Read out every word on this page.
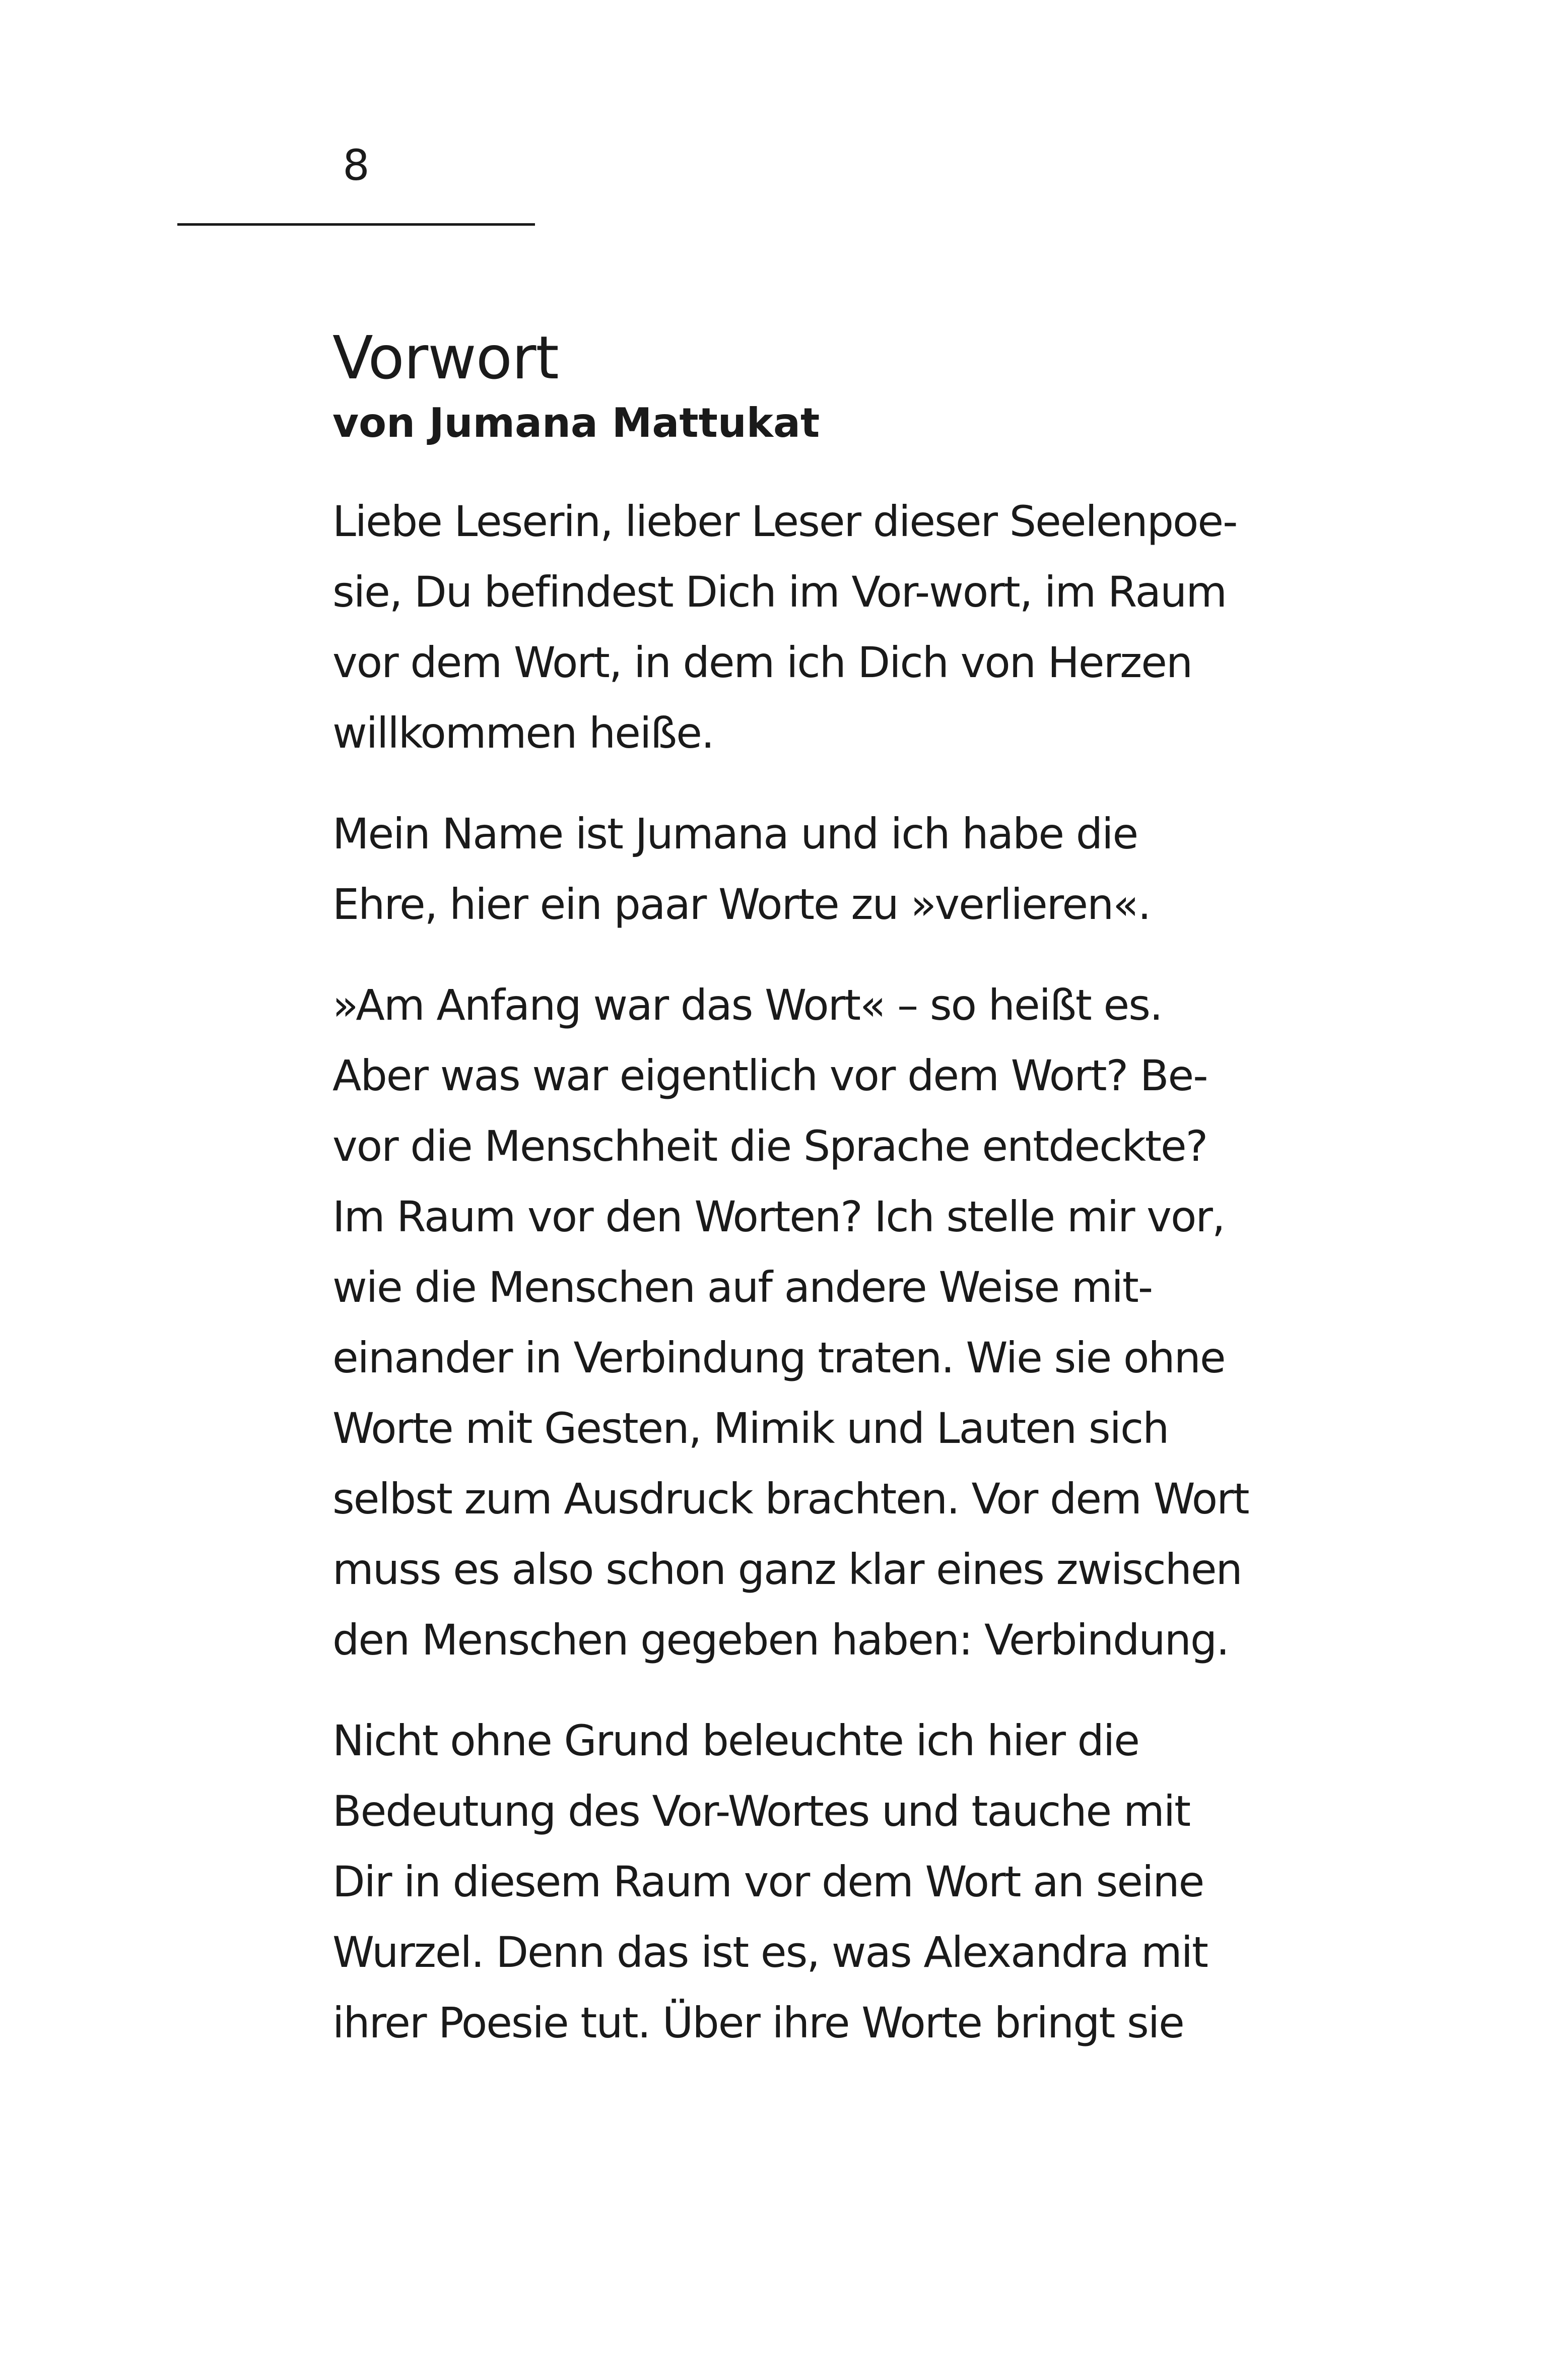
8
Vorwort

von Jumana Mattukat

Liebe Leserin, lieber Leser dieser Seelenpoe-
sie, Du befindest Dich im Vor-wort, im Raum
vor dem Wort, in dem ich Dich von Herzen
willkommen heiße.

Mein Name ist Jumana und ich habe die
Ehre, hier ein paar Worte zu »verlieren«.

»Am Anfang war das Wort« – so heißt es.
Aber was war eigentlich vor dem Wort? Be-
vor die Menschheit die Sprache entdeckte?
Im Raum vor den Worten? Ich stelle mir vor,
wie die Menschen auf andere Weise mit-
einander in Verbindung traten. Wie sie ohne
Worte mit Gesten, Mimik und Lauten sich
selbst zum Ausdruck brachten. Vor dem Wort
muss es also schon ganz klar eines zwischen
den Menschen gegeben haben: Verbindung.

Nicht ohne Grund beleuchte ich hier die
Bedeutung des Vor-Wortes und tauche mit
Dir in diesem Raum vor dem Wort an seine
Wurzel. Denn das ist es, was Alexandra mit
ihrer Poesie tut. Über ihre Worte bringt sie
